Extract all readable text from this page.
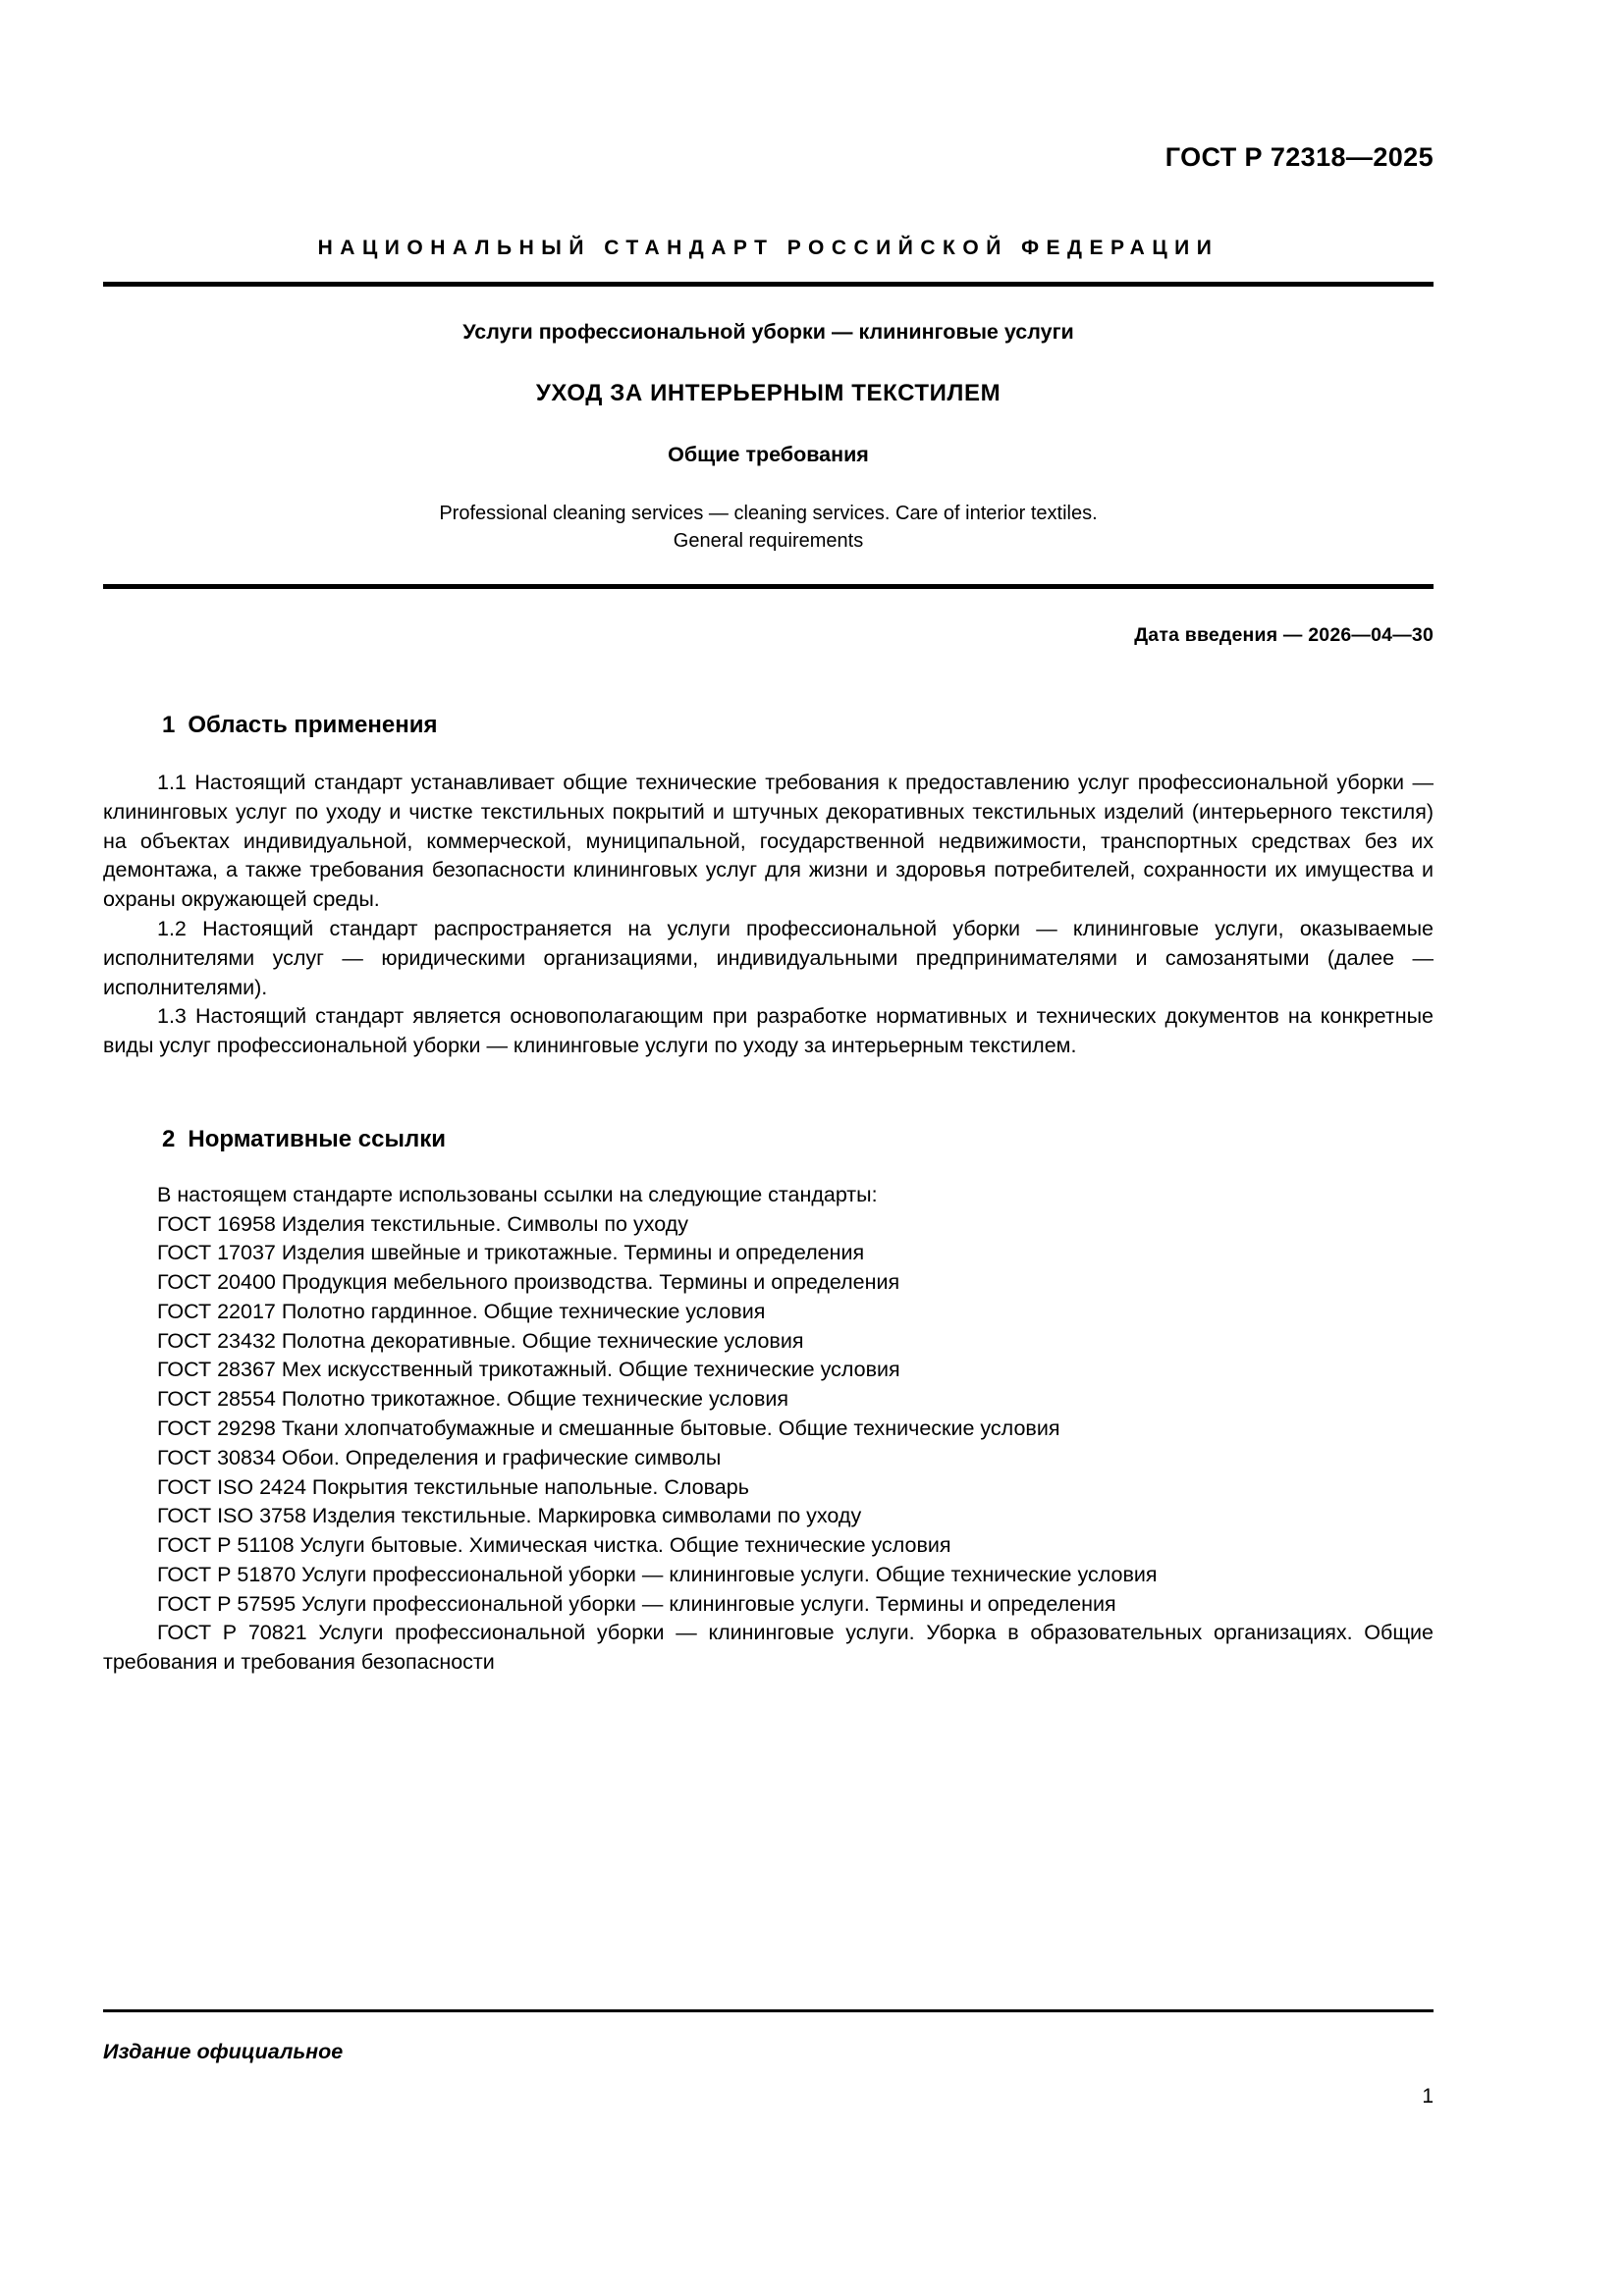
ГОСТ Р 72318—2025
НАЦИОНАЛЬНЫЙ СТАНДАРТ РОССИЙСКОЙ ФЕДЕРАЦИИ
Услуги профессиональной уборки — клининговые услуги
УХОД ЗА ИНТЕРЬЕРНЫМ ТЕКСТИЛЕМ
Общие требования
Professional cleaning services — cleaning services. Care of interior textiles.
General requirements
Дата введения — 2026—04—30
1 Область применения

1.1 Настоящий стандарт устанавливает общие технические требования к предоставлению услуг профессиональной уборки — клининговых услуг по уходу и чистке текстильных покрытий и штучных декоративных текстильных изделий (интерьерного текстиля) на объектах индивидуальной, коммерческой, муниципальной, государственной недвижимости, транспортных средствах без их демонтажа, а также требования безопасности клининговых услуг для жизни и здоровья потребителей, сохранности их имущества и охраны окружающей среды.

1.2 Настоящий стандарт распространяется на услуги профессиональной уборки — клининговые услуги, оказываемые исполнителями услуг — юридическими организациями, индивидуальными предпринимателями и самозанятыми (далее — исполнителями).

1.3 Настоящий стандарт является основополагающим при разработке нормативных и технических документов на конкретные виды услуг профессиональной уборки — клининговые услуги по уходу за интерьерным текстилем.

2 Нормативные ссылки

В настоящем стандарте использованы ссылки на следующие стандарты:

ГОСТ 16958 Изделия текстильные. Символы по уходу

ГОСТ 17037 Изделия швейные и трикотажные. Термины и определения

ГОСТ 20400 Продукция мебельного производства. Термины и определения

ГОСТ 22017 Полотно гардинное. Общие технические условия

ГОСТ 23432 Полотна декоративные. Общие технические условия

ГОСТ 28367 Мех искусственный трикотажный. Общие технические условия

ГОСТ 28554 Полотно трикотажное. Общие технические условия

ГОСТ 29298 Ткани хлопчатобумажные и смешанные бытовые. Общие технические условия

ГОСТ 30834 Обои. Определения и графические символы

ГОСТ ISO 2424 Покрытия текстильные напольные. Словарь

ГОСТ ISO 3758 Изделия текстильные. Маркировка символами по уходу

ГОСТ Р 51108 Услуги бытовые. Химическая чистка. Общие технические условия

ГОСТ Р 51870 Услуги профессиональной уборки — клининговые услуги. Общие технические условия

ГОСТ Р 57595 Услуги профессиональной уборки — клининговые услуги. Термины и определения

ГОСТ Р 70821 Услуги профессиональной уборки — клининговые услуги. Уборка в образовательных организациях. Общие требования и требования безопасности

Издание официальное
1
